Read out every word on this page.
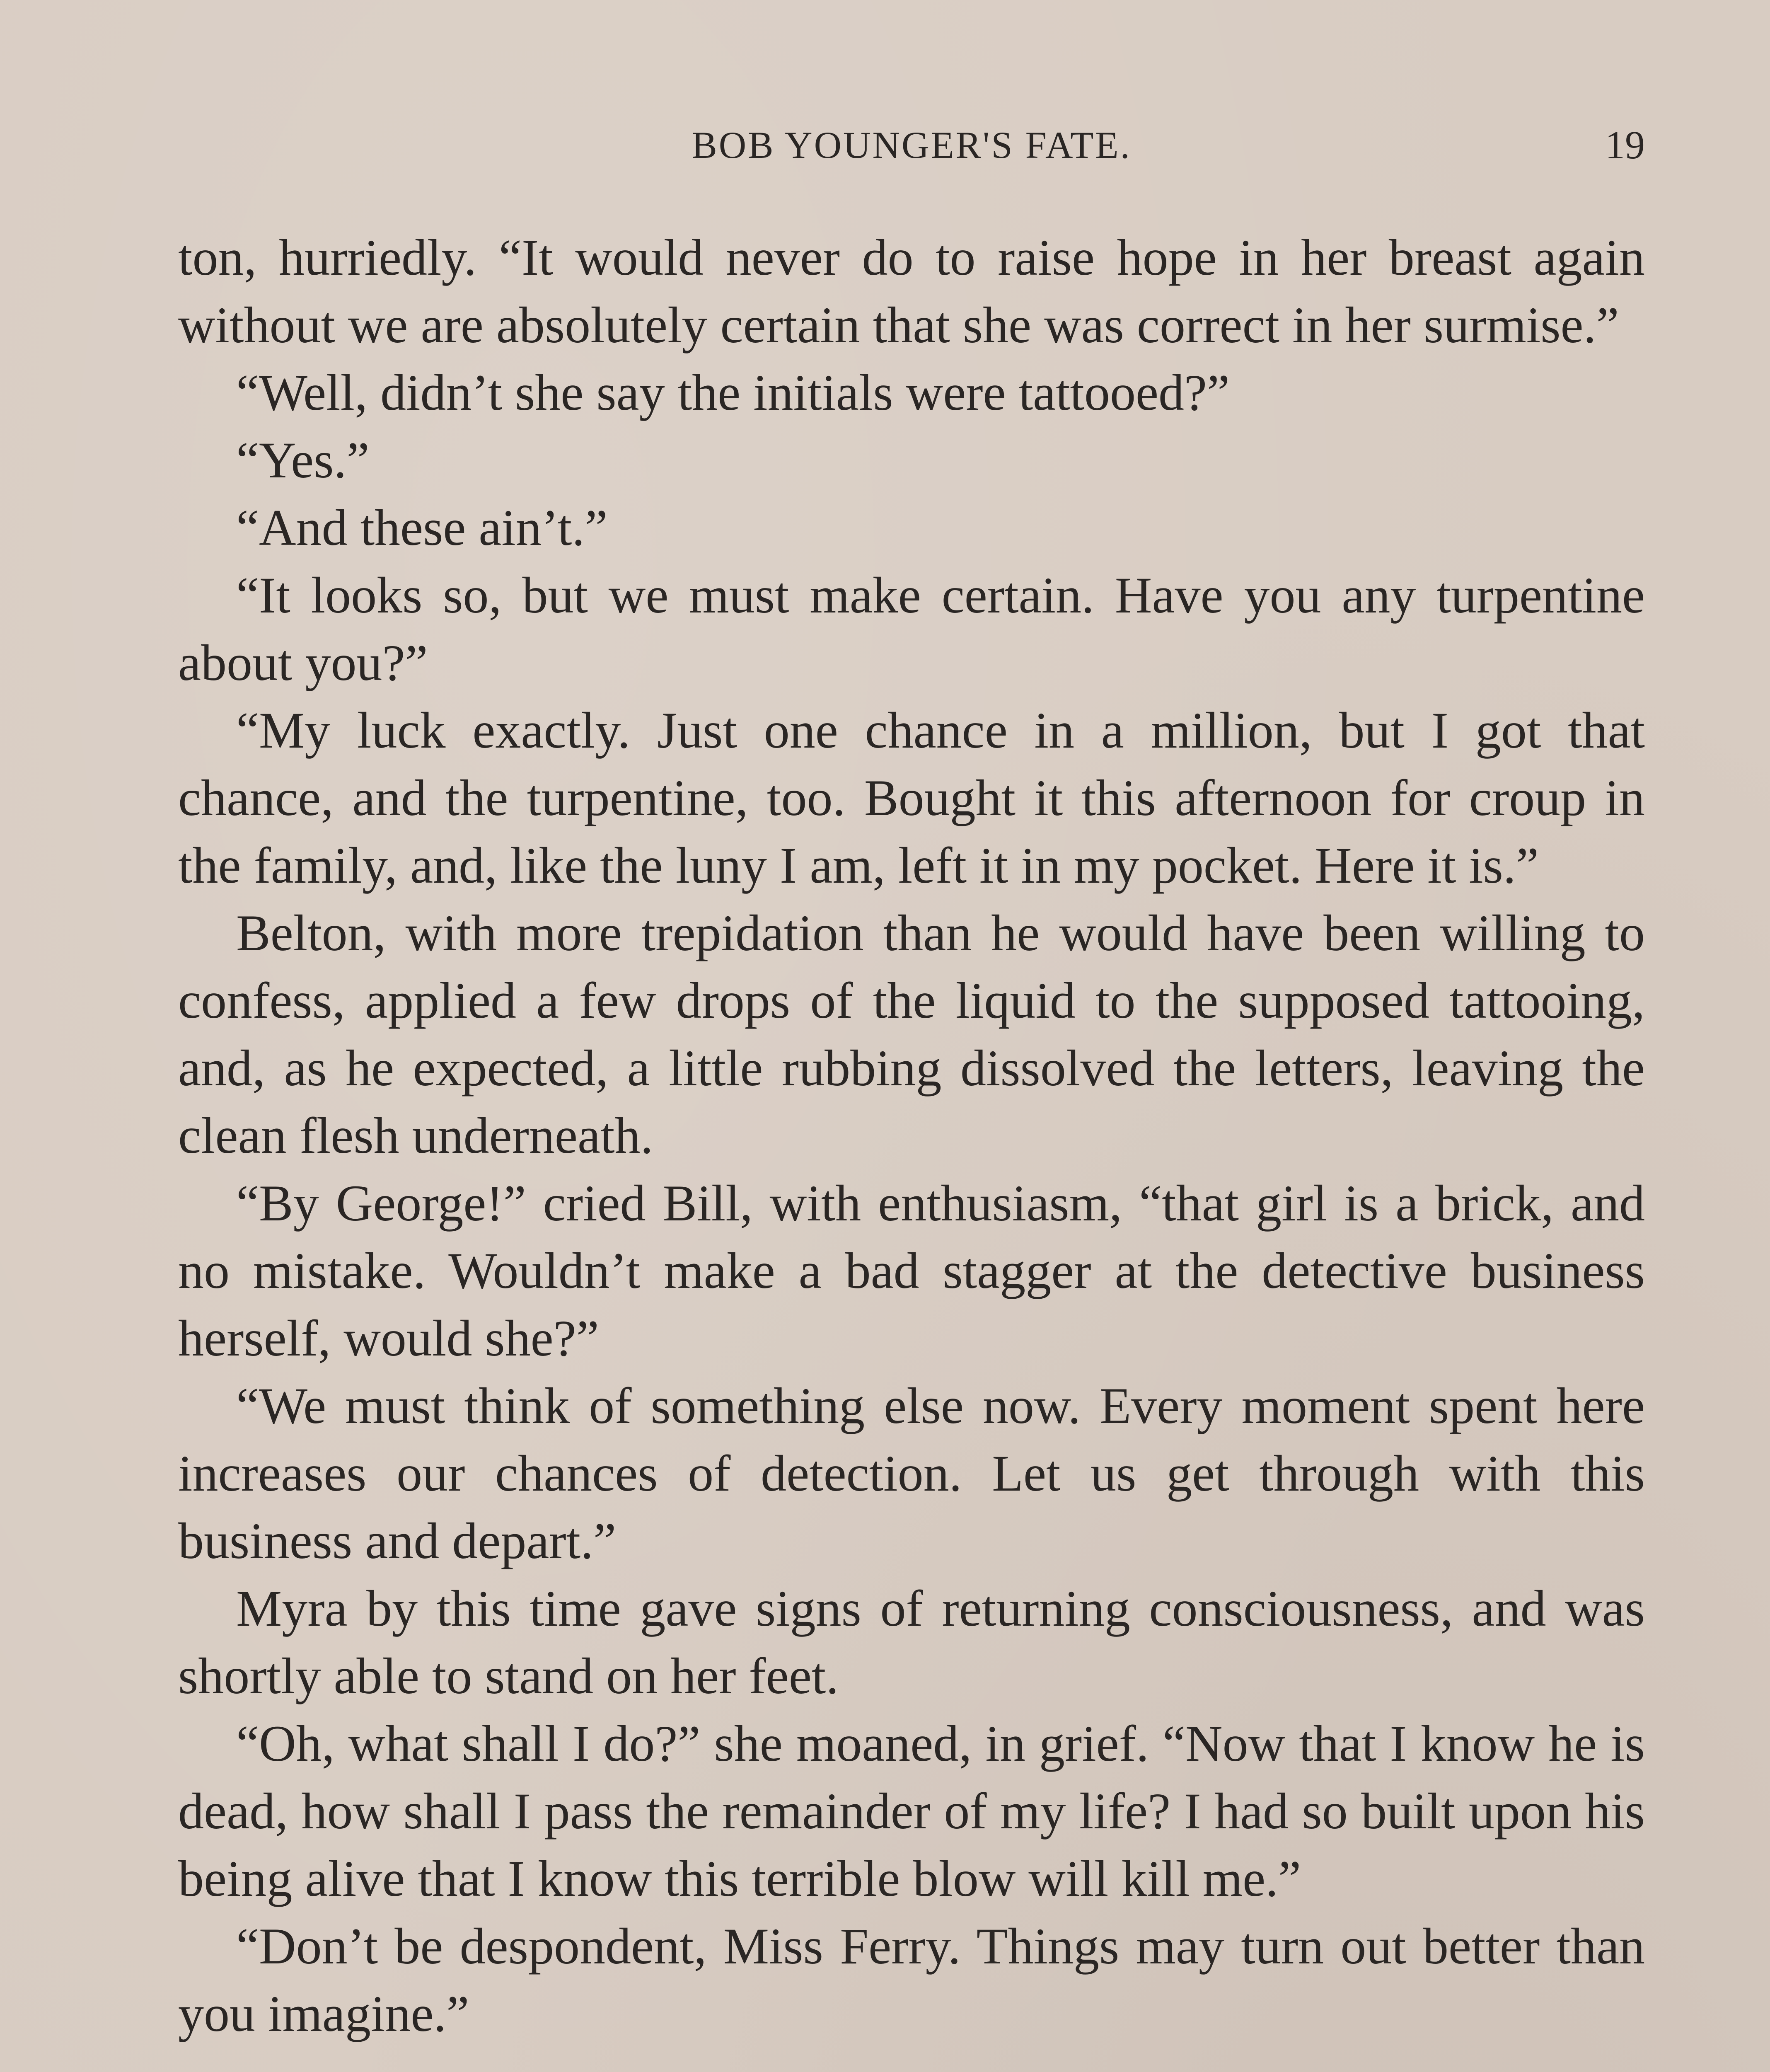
BOB YOUNGER'S FATE.	19

ton, hurriedly. “It would never do to raise hope in her breast again without we are absolutely certain that she was correct in her surmise.”

“Well, didn’t she say the initials were tattooed?”

“Yes.”

“And these ain’t.”

“It looks so, but we must make certain. Have you any turpentine about you?”

“My luck exactly. Just one chance in a million, but I got that chance, and the turpentine, too. Bought it this afternoon for croup in the family, and, like the luny I am, left it in my pocket. Here it is.”

Belton, with more trepidation than he would have been willing to confess, applied a few drops of the liquid to the supposed tattooing, and, as he expected, a little rubbing dissolved the letters, leaving the clean flesh underneath.

“By George!” cried Bill, with enthusiasm, “that girl is a brick, and no mistake. Wouldn’t make a bad stagger at the detective business herself, would she?”

“We must think of something else now. Every moment spent here increases our chances of detection. Let us get through with this business and depart.”

Myra by this time gave signs of returning consciousness, and was shortly able to stand on her feet.

“Oh, what shall I do?” she moaned, in grief. “Now that I know he is dead, how shall I pass the remainder of my life? I had so built upon his being alive that I know this terrible blow will kill me.”

“Don’t be despondent, Miss Ferry. Things may turn out better than you imagine.”
